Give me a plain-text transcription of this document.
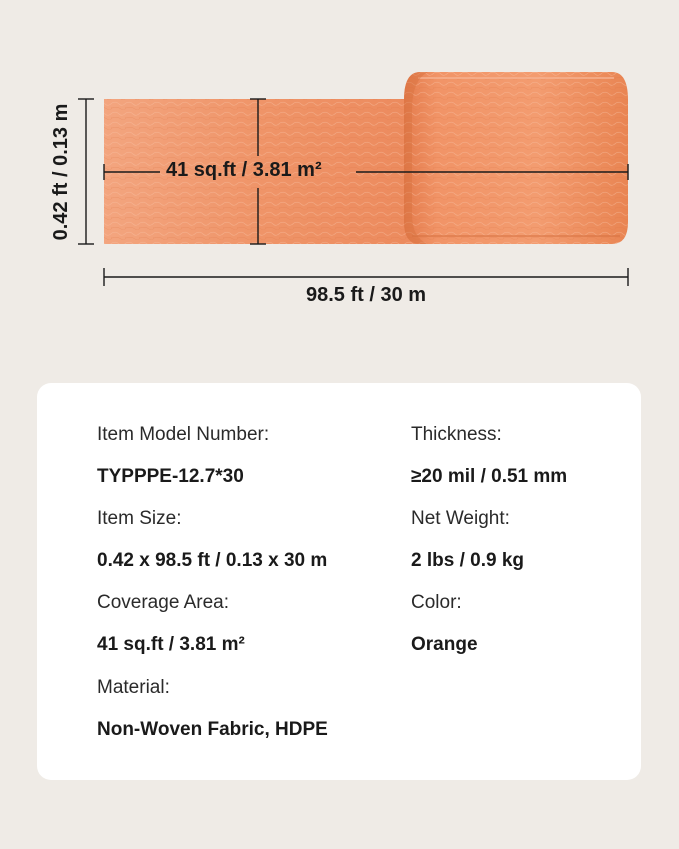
0.42 ft / 0.13 m	41 sq.ft / 3.81 m²
98.5 ft / 30 m
Item Model Number:
TYPPPE-12.7*30
Item Size:
0.42 x 98.5 ft / 0.13 x 30 m
Coverage Area:
41 sq.ft / 3.81 m²
Material:
Non-Woven Fabric, HDPE
Thickness:
≥20 mil / 0.51 mm
Net Weight:
2 lbs / 0.9 kg
Color:
Orange
